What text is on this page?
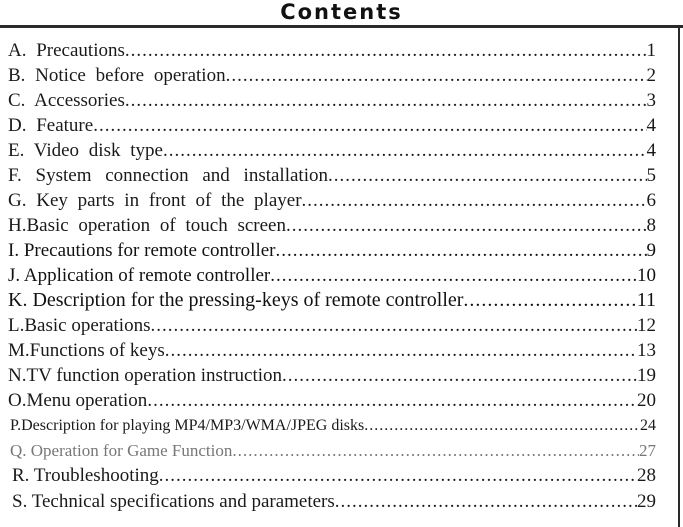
Contents
A. Precautions .....	1
B. Notice before operation .....	2
C. Accessories .....	3
D. Feature .....	4
E. Video disk type .....	4
F. System connection and installation .....	5
G. Key parts in front of the player .....	6
H.Basic operation of touch screen .....	8
I. Precautions for remote controller .....	9
J. Application of remote controller .....	10
K. Description for the pressing-keys of remote controller .....	11
L.Basic operations .....	12
M.Functions of keys .....	13
N.TV function operation instruction .....	19
O.Menu operation .....	20
P.Description for playing MP4/MP3/WMA/JPEG disks .....	24
Q. Operation for Game Function .....	27
R. Troubleshooting .....	28
S. Technical specifications and parameters .....	29
